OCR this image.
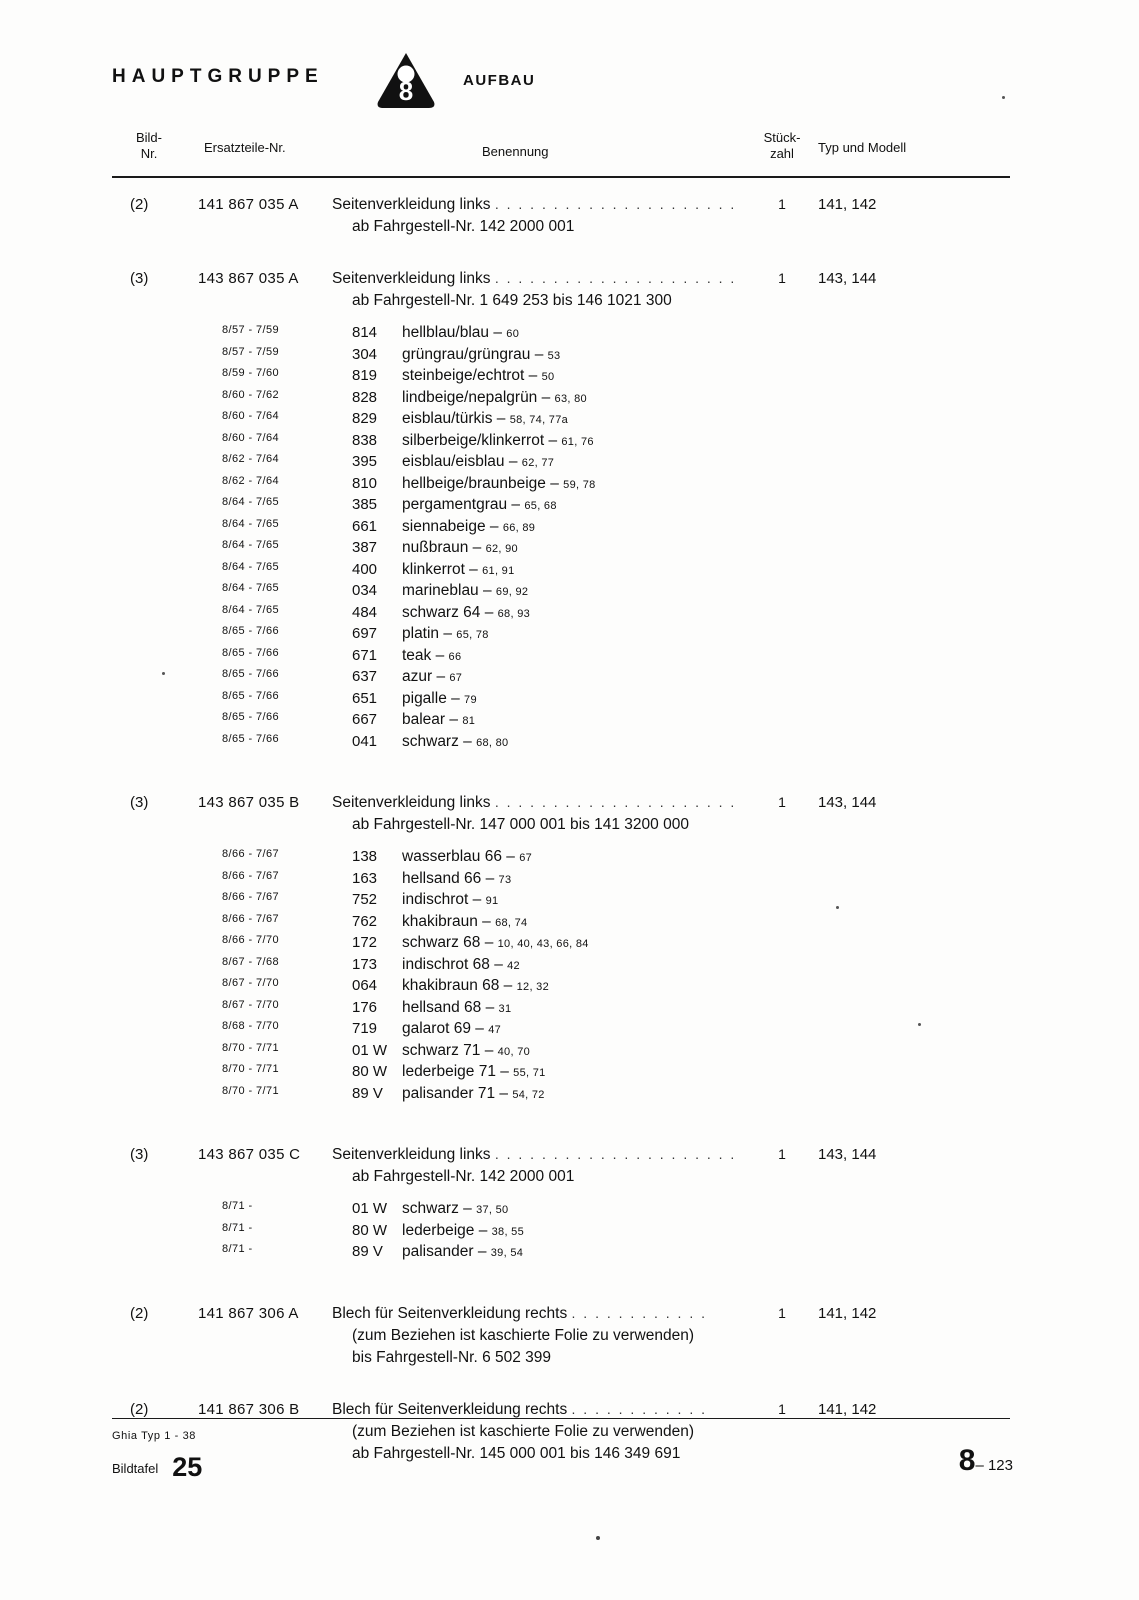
HAUPTGRUPPE	8	AUFBAU
Bild-
Nr.	Ersatzteile-Nr.	Benennung
Stück-
zahl	Typ und Modell
(2)	141 867 035 A Seitenverkleidung links . . . . . . . . . . . . . . . . . . . . .	1	141, 142
ab Fahrgestell-Nr. 142 2000 001
(3)	143 867 035 A Seitenverkleidung links . . . . . . . . . . . . . . . . . . . . .	1	143, 144
ab Fahrgestell-Nr. 1 649 253 bis 146 1021 300
8/57 - 7/59	814 hellblau/blau – 60
8/57 - 7/59	304 grüngrau/grüngrau – 53
8/59 - 7/60	819 steinbeige/echtrot – 50
8/60 - 7/62	828 lindbeige/nepalgrün – 63, 80
8/60 - 7/64	829 eisblau/türkis – 58, 74, 77a
8/60 - 7/64	838 silberbeige/klinkerrot – 61, 76
8/62 - 7/64	395 eisblau/eisblau – 62, 77
8/62 - 7/64	810 hellbeige/braunbeige – 59, 78
8/64 - 7/65	385 pergamentgrau – 65, 68
8/64 - 7/65	661 siennabeige – 66, 89
8/64 - 7/65	387 nußbraun – 62, 90
8/64 - 7/65	400 klinkerrot – 61, 91
8/64 - 7/65	034 marineblau – 69, 92
8/64 - 7/65	484 schwarz 64 – 68, 93
8/65 - 7/66	697 platin – 65, 78
8/65 - 7/66	671 teak – 66
8/65 - 7/66	637 azur – 67
8/65 - 7/66	651 pigalle – 79
8/65 - 7/66	667 balear – 81
8/65 - 7/66	041 schwarz – 68, 80
(3)	143 867 035 B Seitenverkleidung links . . . . . . . . . . . . . . . . . . . . .	1	143, 144
ab Fahrgestell-Nr. 147 000 001 bis 141 3200 000
8/66 - 7/67	138 wasserblau 66 – 67
8/66 - 7/67	163 hellsand 66 – 73
8/66 - 7/67	752 indischrot – 91
8/66 - 7/67	762 khakibraun – 68, 74
8/66 - 7/70	172 schwarz 68 – 10, 40, 43, 66, 84
8/67 - 7/68	173 indischrot 68 – 42
8/67 - 7/70	064 khakibraun 68 – 12, 32
8/67 - 7/70	176 hellsand 68 – 31
8/68 - 7/70	719 galarot 69 – 47
8/70 - 7/71	01 W schwarz 71 – 40, 70
8/70 - 7/71	80 W lederbeige 71 – 55, 71
8/70 - 7/71	89 V palisander 71 – 54, 72
(3)	143 867 035 C Seitenverkleidung links . . . . . . . . . . . . . . . . . . . . .	1	143, 144
ab Fahrgestell-Nr. 142 2000 001
8/71 -	01 W schwarz – 37, 50
8/71 -	80 W lederbeige – 38, 55
8/71 -	89 V palisander – 39, 54
(2)	141 867 306 A Blech für Seitenverkleidung rechts . . . . . . . . . . . .	1	141, 142
(zum Beziehen ist kaschierte Folie zu verwenden)
bis Fahrgestell-Nr. 6 502 399
(2)	141 867 306 B Blech für Seitenverkleidung rechts . . . . . . . . . . . .	1	141, 142
(zum Beziehen ist kaschierte Folie zu verwenden)
ab Fahrgestell-Nr. 145 000 001 bis 146 349 691
Ghia Typ 1 - 38
Bildtafel 25	8– 123
